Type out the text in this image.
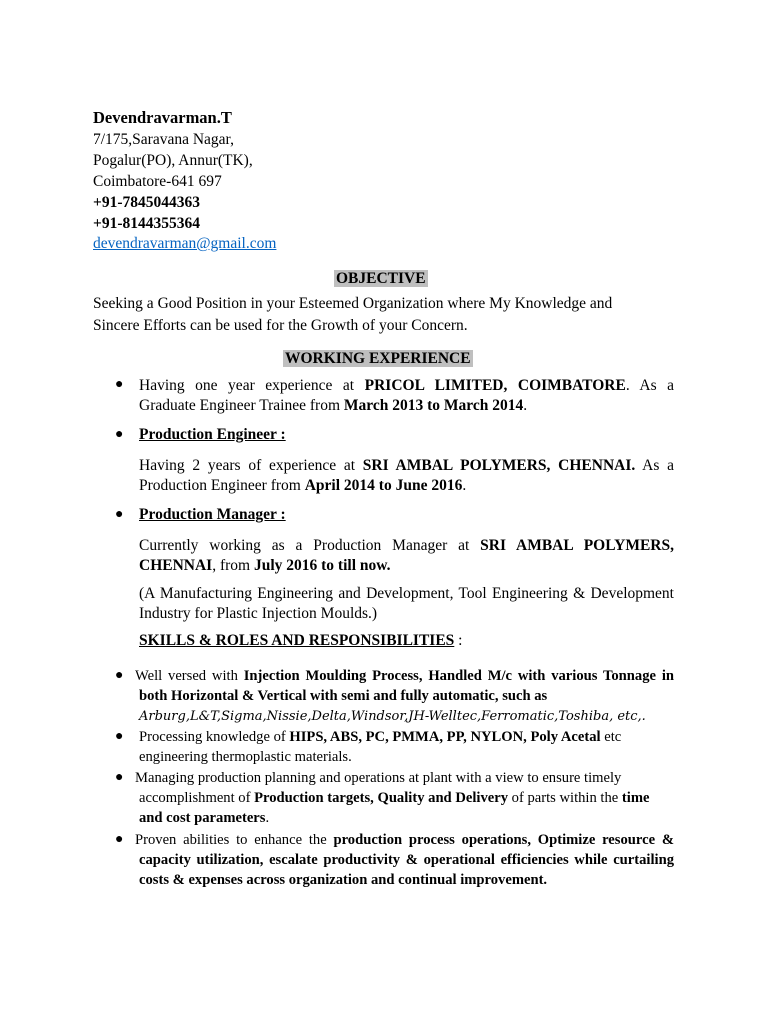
Devendravarman.T
7/175,Saravana Nagar,
Pogalur(PO), Annur(TK),
Coimbatore-641 697
+91-7845044363
+91-8144355364
devendravarman@gmail.com
OBJECTIVE
Seeking a Good Position in your Esteemed Organization where My Knowledge and
Sincere Efforts can be used for the Growth of your Concern.
WORKING EXPERIENCE
● Having one year experience at PRICOL LIMITED, COIMBATORE. As a Graduate Engineer Trainee from March 2013 to March 2014.
● Production Engineer :
Having 2 years of experience at SRI AMBAL POLYMERS, CHENNAI. As a Production Engineer from April 2014 to June 2016.
● Production Manager :
Currently working as a Production Manager at SRI AMBAL POLYMERS, CHENNAI, from July 2016 to till now.
(A Manufacturing Engineering and Development, Tool Engineering & Development Industry for Plastic Injection Moulds.)
SKILLS & ROLES AND RESPONSIBILITIES :
● Well versed with Injection Moulding Process, Handled M/c with various Tonnage in both Horizontal & Vertical with semi and fully automatic, such as
Arburg,L&T,Sigma,Nissie,Delta,Windsor,JH-Welltec,Ferromatic,Toshiba, etc,.
● Processing knowledge of HIPS, ABS, PC, PMMA, PP, NYLON, Poly Acetal etc engineering thermoplastic materials.
● Managing production planning and operations at plant with a view to ensure timely accomplishment of Production targets, Quality and Delivery of parts within the time and cost parameters.
● Proven abilities to enhance the production process operations, Optimize resource & capacity utilization, escalate productivity & operational efficiencies while curtailing costs & expenses across organization and continual improvement.
